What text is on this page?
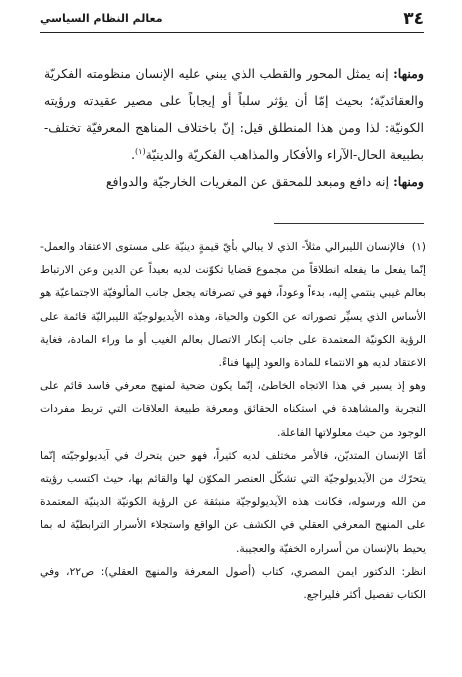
٣٤
معالم النظام السياسي

ومنها: إنه يمثل المحور والقطب الذي يبني عليه الإنسان منظومته الفكريّة والعقائديّة؛ بحيث إمّا أن يؤثر سلباً أو إيجاباً على مصير عقيدته ورؤيته الكونيّة: لذا ومن هذا المنطلق قيل: إنّ باختلاف المناهج المعرفيّة تختلف-بطبيعة الحال-الآراء والأفكار والمذاهب الفكريّة والدينيّة$^{(١)}$.

ومنها: إنه دافع ومبعد للمحقق عن المغريات الخارجيّة والدوافع

(١) فالإنسان الليبرالي مثلاً- الذي لا يبالي بأيّ قيمةٍ دينيّة على مستوى الاعتقاد والعمل- إنّما يفعل ما يفعله انطلاقاً من مجموع قضايا تكوّنت لديه بعيداً عن الدين وعن الارتباط بعالم غيبي ينتمي إليه، بدءاً وعوداً، فهو في تصرفاته يجعل جانب المألوفيّة الاجتماعيّة هو الأساس الذي يسيِّر تصوراته عن الكون والحياة، وهذه الأيديولوجيّة الليبراليّة قائمة على الرؤية الكونيّة المعتمدة على جانب إنكار الاتصال بعالم الغيب أو ما وراء المادة، فغاية الاعتقاد لديه هو الانتماء للمادة والعود إليها فناءً.

وهو إذ يسير في هذا الاتجاه الخاطئ، إنّما يكون ضحية لمنهج معرفي فاسد قائم على التجربة والمشاهدة في استكناه الحقائق ومعرفة طبيعة العلاقات التي تربط مفردات الوجود من حيث معلولاتها الفاعلة.

أمّا الإنسان المتديّن، فالأمر مختلف لديه كثيراً، فهو حين يتحرك في آيديولوجيّته إنّما يتحرّك من الآيديولوجيّة التي تشكّل العنصر المكوّن لها والقائم بها، حيث اكتسب رؤيته من الله ورسوله، فكانت هذه الآيديولوجيّة منبثقة عن الرؤية الكونيّة الدينيّة المعتمدة على المنهج المعرفي العقلي في الكشف عن الواقع واستجلاء الأسرار الترابطيّة له بما يحيط بالإنسان من أسراره الخفيّة والعجيبة.

انظر: الدكتور ايمن المصري، كتاب (أصول المعرفة والمنهج العقلي): ص٢٢، وفي الكتاب تفصيل أكثر فليراجع.
